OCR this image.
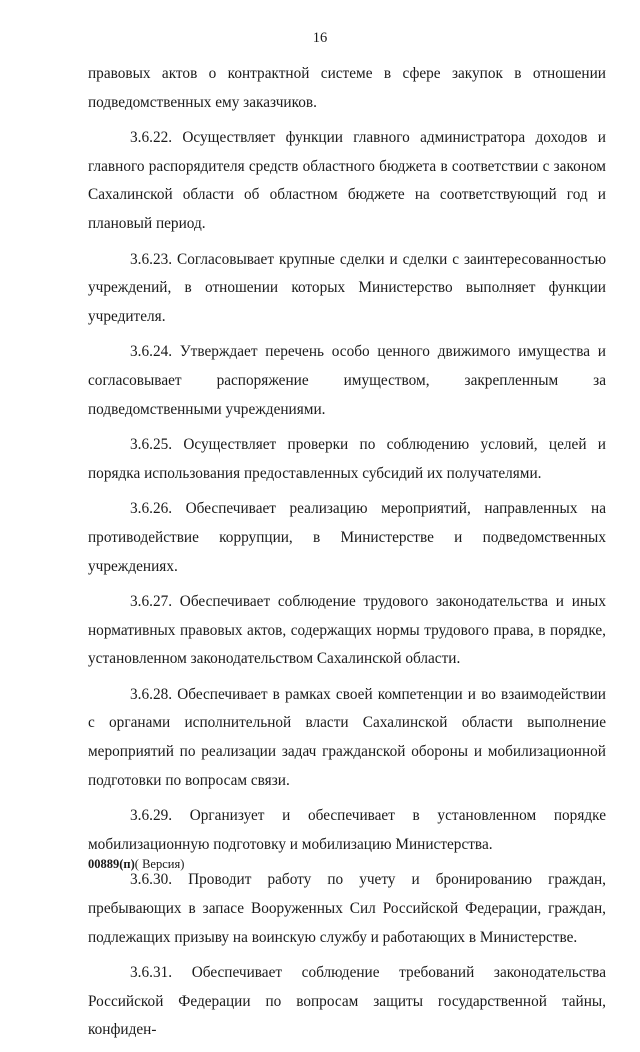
16

правовых актов о контрактной системе в сфере закупок в отношении подведомственных ему заказчиков.

3.6.22. Осуществляет функции главного администратора доходов и главного распорядителя средств областного бюджета в соответствии с законом Сахалинской области об областном бюджете на соответствующий год и плановый период.

3.6.23. Согласовывает крупные сделки и сделки с заинтересованностью учреждений, в отношении которых Министерство выполняет функции учредителя.

3.6.24. Утверждает перечень особо ценного движимого имущества и согласовывает распоряжение имуществом, закрепленным за подведомственными учреждениями.

3.6.25. Осуществляет проверки по соблюдению условий, целей и порядка использования предоставленных субсидий их получателями.

3.6.26. Обеспечивает реализацию мероприятий, направленных на противодействие коррупции, в Министерстве и подведомственных учреждениях.

3.6.27. Обеспечивает соблюдение трудового законодательства и иных нормативных правовых актов, содержащих нормы трудового права, в порядке, установленном законодательством Сахалинской области.

3.6.28. Обеспечивает в рамках своей компетенции и во взаимодействии с органами исполнительной власти Сахалинской области выполнение мероприятий по реализации задач гражданской обороны и мобилизационной подготовки по вопросам связи.

3.6.29. Организует и обеспечивает в установленном порядке мобилизационную подготовку и мобилизацию Министерства.

3.6.30. Проводит работу по учету и бронированию граждан, пребывающих в запасе Вооруженных Сил Российской Федерации, граждан, подлежащих призыву на воинскую службу и работающих в Министерстве.

3.6.31. Обеспечивает соблюдение требований законодательства Российской Федерации по вопросам защиты государственной тайны, конфиден-

00889(п)( Версия)
